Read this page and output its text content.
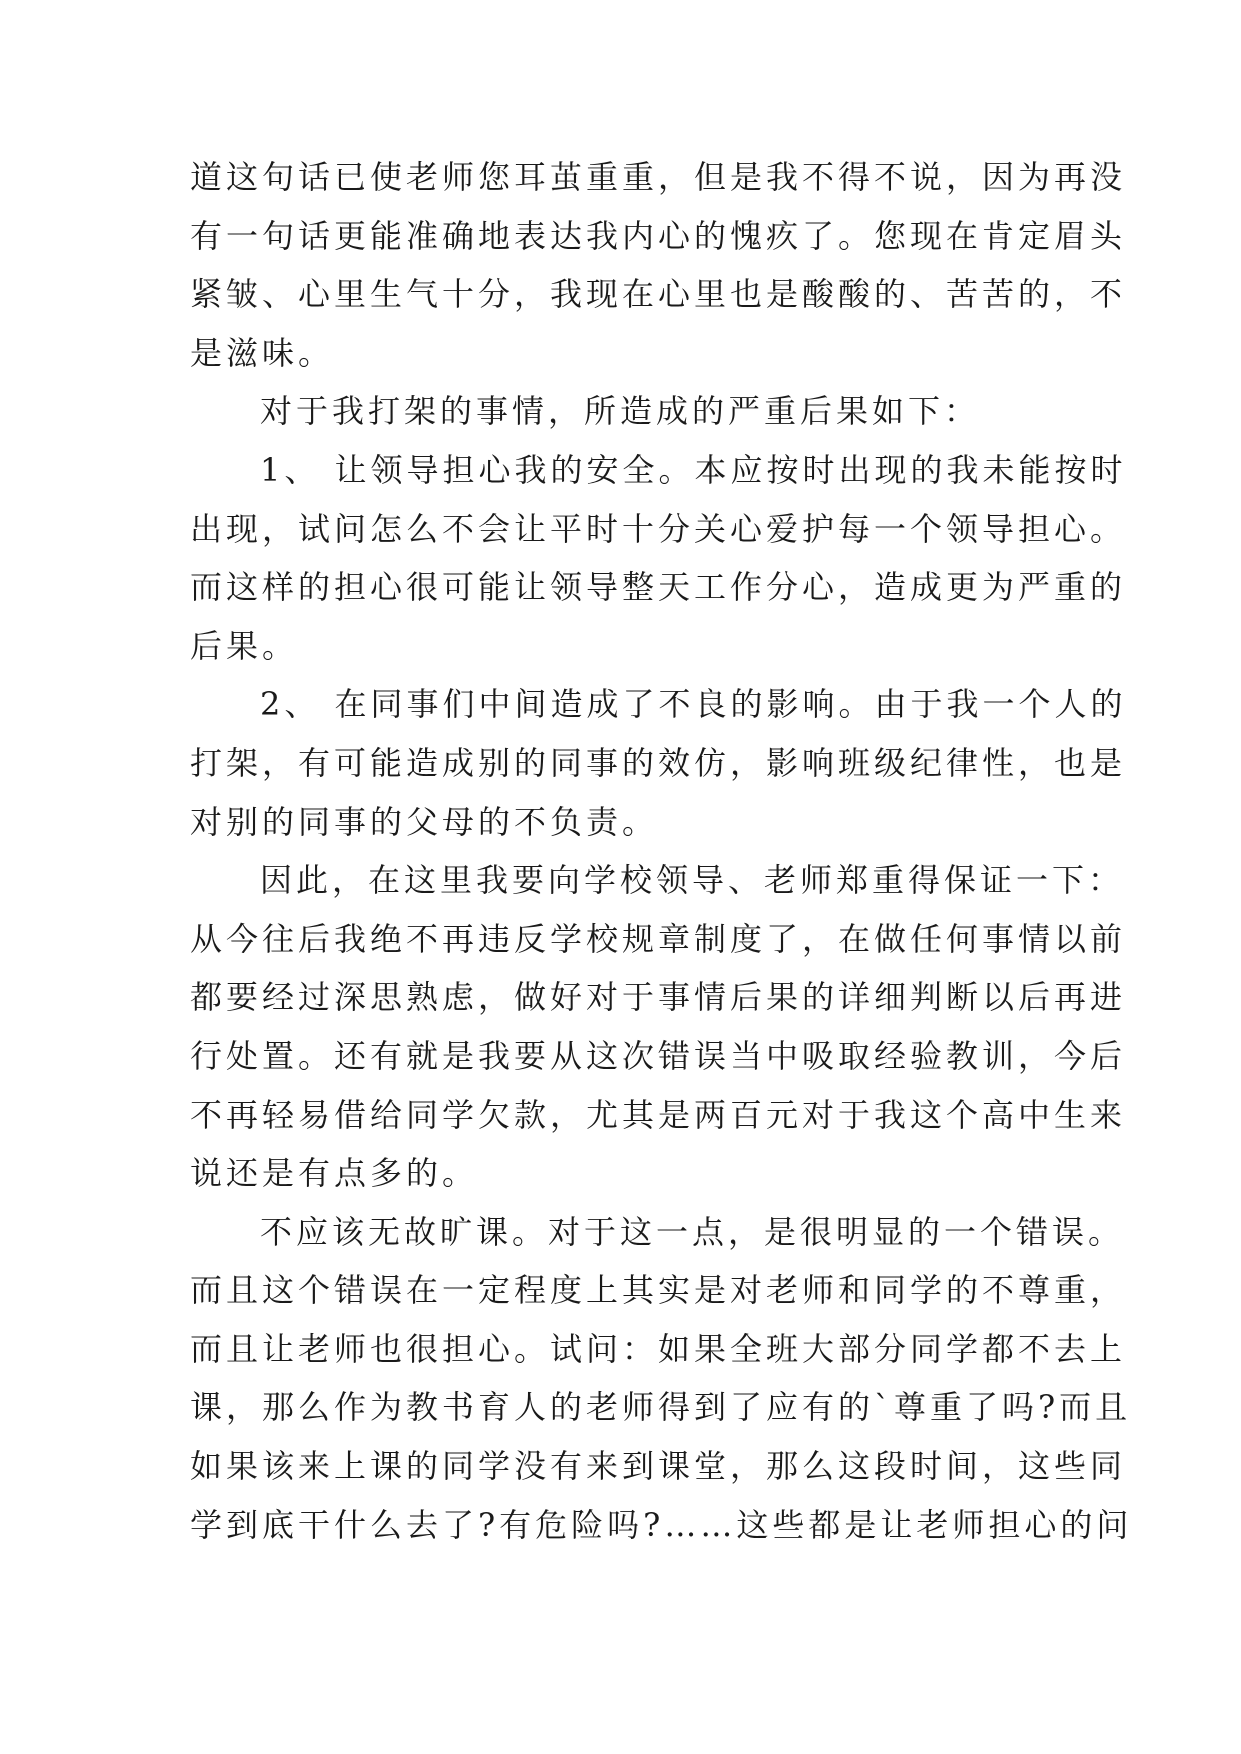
道这句话已使老师您耳茧重重，但是我不得不说，因为再没
有一句话更能准确地表达我内心的愧疚了。您现在肯定眉头
紧皱、心里生气十分，我现在心里也是酸酸的、苦苦的，不
是滋味。
对于我打架的事情，所造成的严重后果如下：
1、 让领导担心我的安全。本应按时出现的我未能按时
出现，试问怎么不会让平时十分关心爱护每一个领导担心。
而这样的担心很可能让领导整天工作分心，造成更为严重的
后果。
2、 在同事们中间造成了不良的影响。由于我一个人的
打架，有可能造成别的同事的效仿，影响班级纪律性，也是
对别的同事的父母的不负责。
因此，在这里我要向学校领导、老师郑重得保证一下：
从今往后我绝不再违反学校规章制度了，在做任何事情以前
都要经过深思熟虑，做好对于事情后果的详细判断以后再进
行处置。还有就是我要从这次错误当中吸取经验教训，今后
不再轻易借给同学欠款，尤其是两百元对于我这个高中生来
说还是有点多的。
不应该无故旷课。对于这一点，是很明显的一个错误。
而且这个错误在一定程度上其实是对老师和同学的不尊重，
而且让老师也很担心。试问：如果全班大部分同学都不去上
课，那么作为教书育人的老师得到了应有的`尊重了吗?而且
如果该来上课的同学没有来到课堂，那么这段时间，这些同
学到底干什么去了?有危险吗?……这些都是让老师担心的问
